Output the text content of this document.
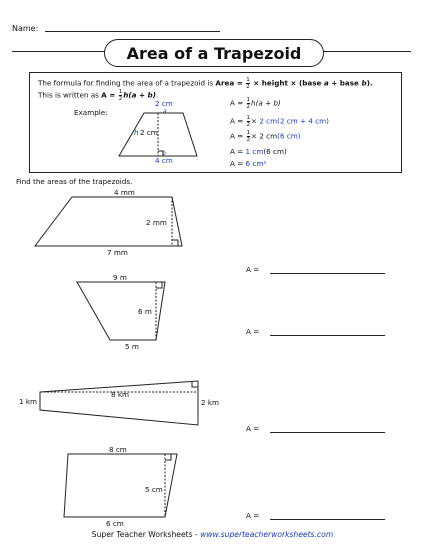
Name:
Area of a Trapezoid
The formula for finding the area of a trapezoid is Area = $\frac{1}{2}$ × height × (base a + base b).
This is written as $A = \frac{1}{2} h(a + b)$.
Example:
2 cm
a
h 2 cm
b
4 cm
$A = \frac{1}{2} h(a + b)$
$A = \frac{1}{2} \times 2$ cm(2 cm + 4 cm)
$A = \frac{1}{2} \times 2$ cm(6 cm)
A = 1 cm(6 cm)
A = 6 cm²
Find the areas of the trapezoids.
4 mm
2 mm
7 mm
A =
9 m
6 m
5 m
A =
1 km
8 km
2 km
A =
8 cm
5 cm
6 cm
A =
Super Teacher Worksheets - www.superteacherworksheets.com
